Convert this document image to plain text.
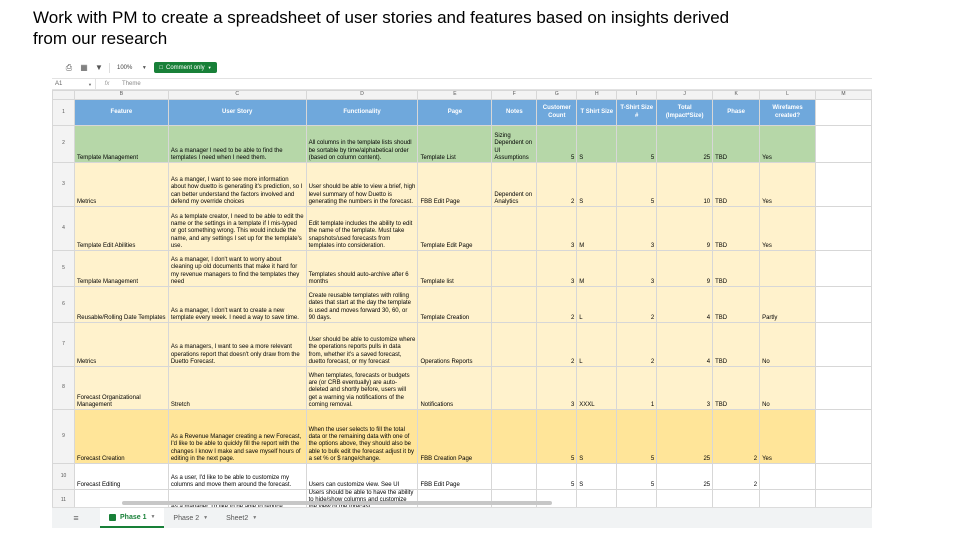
Work with PM to create a spreadsheet of user stories and features based on insights derived from our research
⎙ ▦ ▼	100%	▼	□ Comment only ▼
A1	▼	fx	Theme
	B	C	D	E	F	G	H	I	J	K	L	M
1	Feature	User Story	Functionality	Page	Notes	Customer Count	T Shirt Size	T-Shirt Size #	Total (Impact*Size)	Phase	Wirefames created?	
2	Template Management	As a manager I need to be able to find the templates I need when I need them.	All columns in the template lists shoudl be sortable by time/alphabetical order (based on column content).	Template List	Sizing Dependent on UI Assumptions	5	S	5	25	TBD	Yes	
3	Metrics	As a manger, I want to see more information about how duetto is generating it's prediction, so I can better understand the factors involved and defend my override choices	User should be able to view a brief, high level summary of how Duetto is generating the numbers in the forecast.	FBB Edit Page	Dependent on Analytics	2	S	5	10	TBD	Yes	
4	Template Edit Abilities	As a template creator, I need to be able to edit the name or the settings in a template if I mis-typed or got something wrong. This would include the name, and any settings I set up for the template's use.	Edit template includes the ability to edit the name of the template. Must take snapshots/used forecasts from templates into consideration.	Template Edit Page		3	M	3	9	TBD	Yes	
5	Template Management	As a manager, I don't want to worry about cleaning up old documents that make it hard for my revenue managers to find the templates they need	Templates should auto-archive after 6 months	Template list		3	M	3	9	TBD		
6	Reusable/Rolling Date Templates	As a manager, I don't want to create a new template every week. I need a way to save time.	Create reusable templates with rolling dates that start at the day the template is used and moves forward 30, 60, or 90 days.	Template Creation		2	L	2	4	TBD	Partly	
7	Metrics	As a managers, I want to see a more relevant operations report that doesn't only draw from the Duetto Forecast.	User should be able to customize where the operations reports pulls in data from, whether it's a saved forecast, duetto forecast, or my forecast	Operations Reports		2	L	2	4	TBD	No	
8	Forecast Organizational Management	Stretch	When templates, forecasts or budgets are (or CRB eventually) are auto-deleted and shortly before, users will get a warning via notifications of the coming removal.	Notifications		3	XXXL	1	3	TBD	No	
9	Forecast Creation	As a Revenue Manager creating a new Forecast, I'd like to be able to quickly fill the report with the changes I know I make and save myself hours of editing in the next page.	When the user selects to fill the total data or the remaining data with one of the options above, they should also be able to bulk edit the forecast adjust it by a set % or $ range/change.	FBB Creation Page		5	S	5	25	2	Yes	
10	Forecast Editing	As a user, I'd like to be able to customize my columns and move them around the forecast.	Users can customize view. See UI	FBB Edit Page		5	S	5	25	2		
11			Users should be able to have the ability									
≡	Phase 1 ▼	Phase 2 ▼	Sheet2 ▼
